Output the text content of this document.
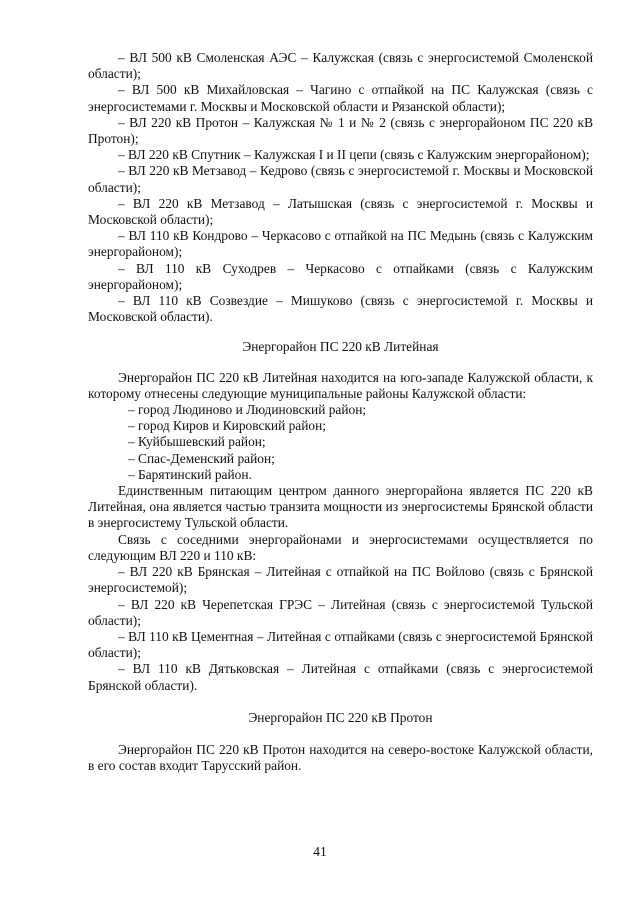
– ВЛ 500 кВ Смоленская АЭС – Калужская (связь с энергосистемой Смоленской области);

– ВЛ 500 кВ Михайловская – Чагино с отпайкой на ПС Калужская (связь с энергосистемами г. Москвы и Московской области и Рязанской области);

– ВЛ 220 кВ Протон – Калужская № 1 и № 2 (связь с энергорайоном ПС 220 кВ Протон);

– ВЛ 220 кВ Спутник – Калужская I и II цепи (связь с Калужским энергорайоном);

– ВЛ 220 кВ Метзавод – Кедрово (связь с энергосистемой г. Москвы и Московской области);

– ВЛ 220 кВ Метзавод – Латышская (связь с энергосистемой г. Москвы и Московской области);

– ВЛ 110 кВ Кондрово – Черкасово с отпайкой на ПС Медынь (связь с Калужским энергорайоном);

– ВЛ 110 кВ Суходрев – Черкасово с отпайками (связь с Калужским энергорайоном);

– ВЛ 110 кВ Созвездие – Мишуково (связь с энергосистемой г. Москвы и Московской области).

Энергорайон ПС 220 кВ Литейная

Энергорайон ПС 220 кВ Литейная находится на юго-западе Калужской области, к которому отнесены следующие муниципальные районы Калужской области:

– город Людиново и Людиновский район;

– город Киров и Кировский район;

– Куйбышевский район;

– Спас-Деменский район;

– Барятинский район.

Единственным питающим центром данного энергорайона является ПС 220 кВ Литейная, она является частью транзита мощности из энергосистемы Брянской области в энергосистему Тульской области.

Связь с соседними энергорайонами и энергосистемами осуществляется по следующим ВЛ 220 и 110 кВ:

– ВЛ 220 кВ Брянская – Литейная с отпайкой на ПС Войлово (связь с Брянской энергосистемой);

– ВЛ 220 кВ Черепетская ГРЭС – Литейная (связь с энергосистемой Тульской области);

– ВЛ 110 кВ Цементная – Литейная с отпайками (связь с энергосистемой Брянской области);

– ВЛ 110 кВ Дятьковская – Литейная с отпайками (связь с энергосистемой Брянской области).

Энергорайон ПС 220 кВ Протон

Энергорайон ПС 220 кВ Протон находится на северо-востоке Калужской области, в его состав входит Тарусский район.

41
